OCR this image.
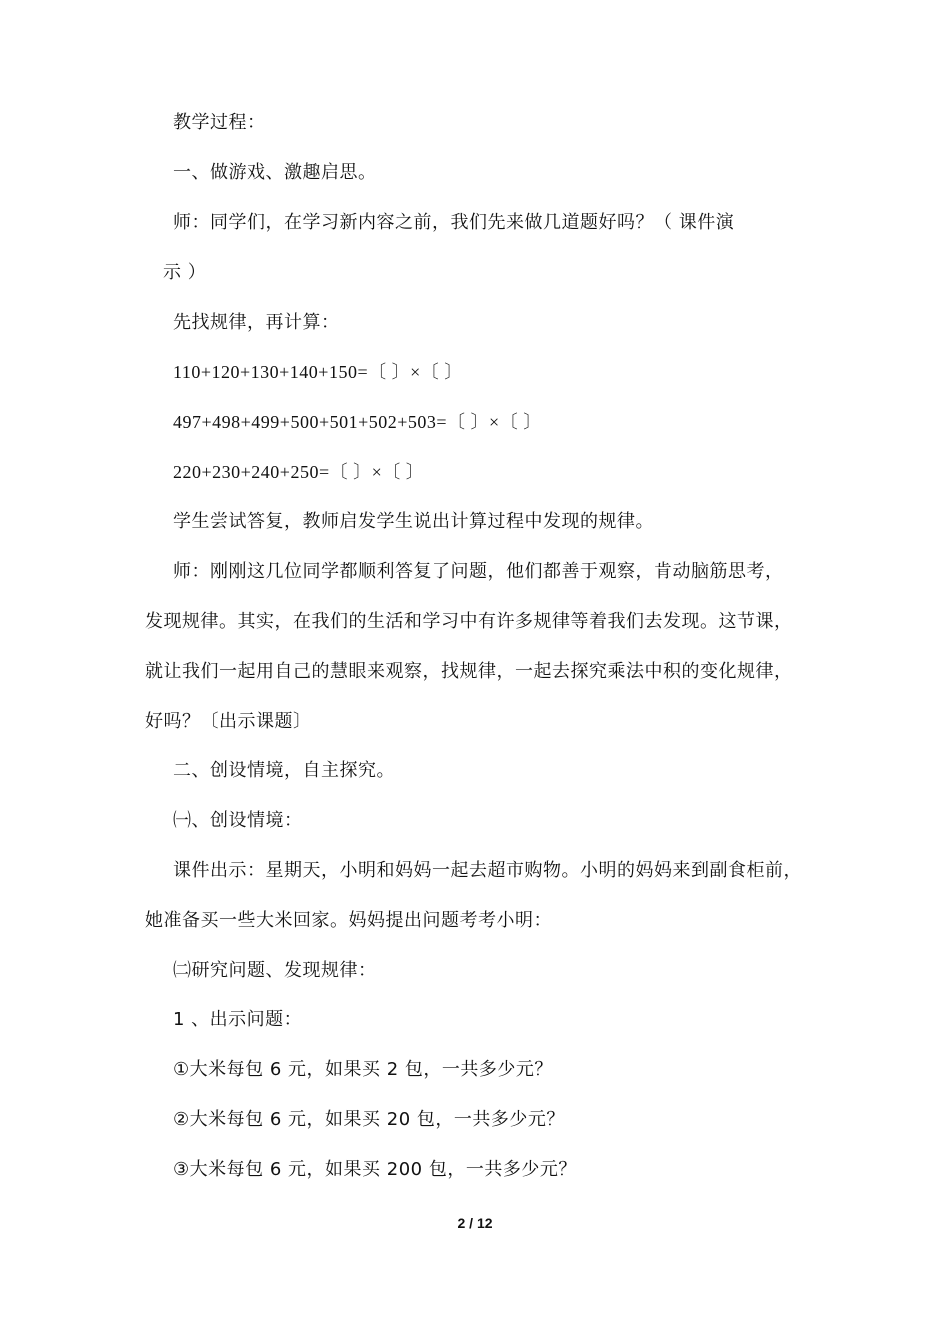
教学过程：
一、做游戏、激趣启思。
师：同学们，在学习新内容之前，我们先来做几道题好吗？（ 课件演
示 ）
先找规律，再计算：
110+120+130+140+150=〔 〕×〔 〕
497+498+499+500+501+502+503=〔 〕×〔 〕
220+230+240+250=〔 〕×〔 〕
学生尝试答复，教师启发学生说出计算过程中发现的规律。
师：刚刚这几位同学都顺利答复了问题，他们都善于观察，肯动脑筋思考，
发现规律。其实，在我们的生活和学习中有许多规律等着我们去发现。这节课，
就让我们一起用自己的慧眼来观察，找规律，一起去探究乘法中积的变化规律，
好吗？〔出示课题〕
二、创设情境，自主探究。
㈠、创设情境：
课件出示：星期天，小明和妈妈一起去超市购物。小明的妈妈来到副食柜前，
她准备买一些大米回家。妈妈提出问题考考小明：
㈡研究问题、发现规律：
1 、出示问题：
①大米每包 6 元，如果买 2 包，一共多少元？
②大米每包 6 元，如果买 20 包，一共多少元？
③大米每包 6 元，如果买 200 包，一共多少元？
2 / 12
